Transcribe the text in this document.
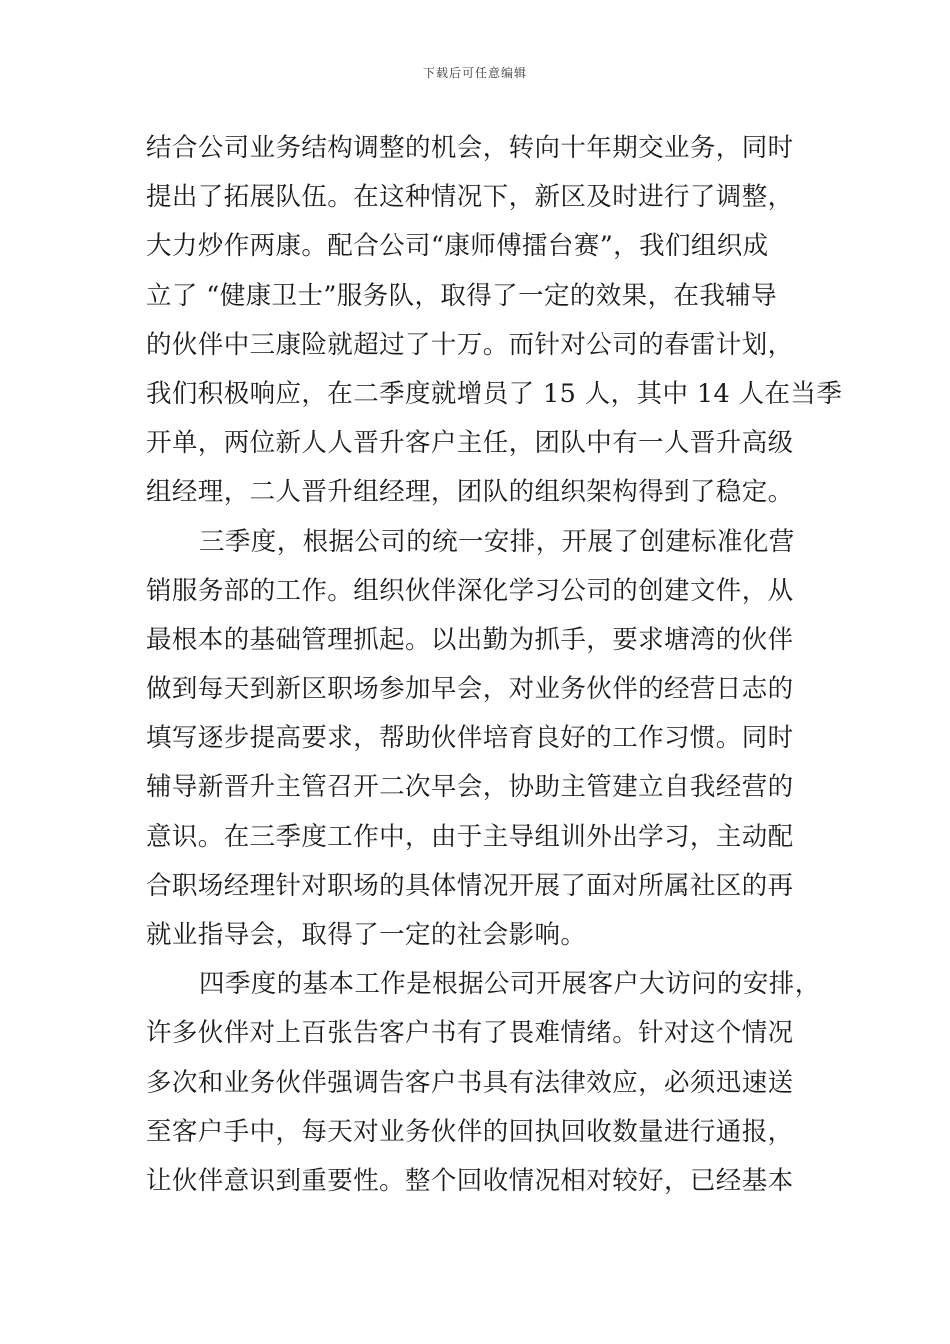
下载后可任意编辑
结合公司业务结构调整的机会，转向十年期交业务，同时
提出了拓展队伍。在这种情况下，新区及时进行了调整，
大力炒作两康。配合公司“康师傅擂台赛”，我们组织成
立了 “健康卫士”服务队，取得了一定的效果，在我辅导
的伙伴中三康险就超过了十万。而针对公司的春雷计划，
我们积极响应，在二季度就增员了 15 人，其中 14 人在当季
开单，两位新人人晋升客户主任，团队中有一人晋升高级
组经理，二人晋升组经理，团队的组织架构得到了稳定。
三季度，根据公司的统一安排，开展了创建标准化营
销服务部的工作。组织伙伴深化学习公司的创建文件，从
最根本的基础管理抓起。以出勤为抓手，要求塘湾的伙伴
做到每天到新区职场参加早会，对业务伙伴的经营日志的
填写逐步提高要求，帮助伙伴培育良好的工作习惯。同时
辅导新晋升主管召开二次早会，协助主管建立自我经营的
意识。在三季度工作中，由于主导组训外出学习，主动配
合职场经理针对职场的具体情况开展了面对所属社区的再
就业指导会，取得了一定的社会影响。
四季度的基本工作是根据公司开展客户大访问的安排，
许多伙伴对上百张告客户书有了畏难情绪。针对这个情况
多次和业务伙伴强调告客户书具有法律效应，必须迅速送
至客户手中，每天对业务伙伴的回执回收数量进行通报，
让伙伴意识到重要性。整个回收情况相对较好，已经基本
